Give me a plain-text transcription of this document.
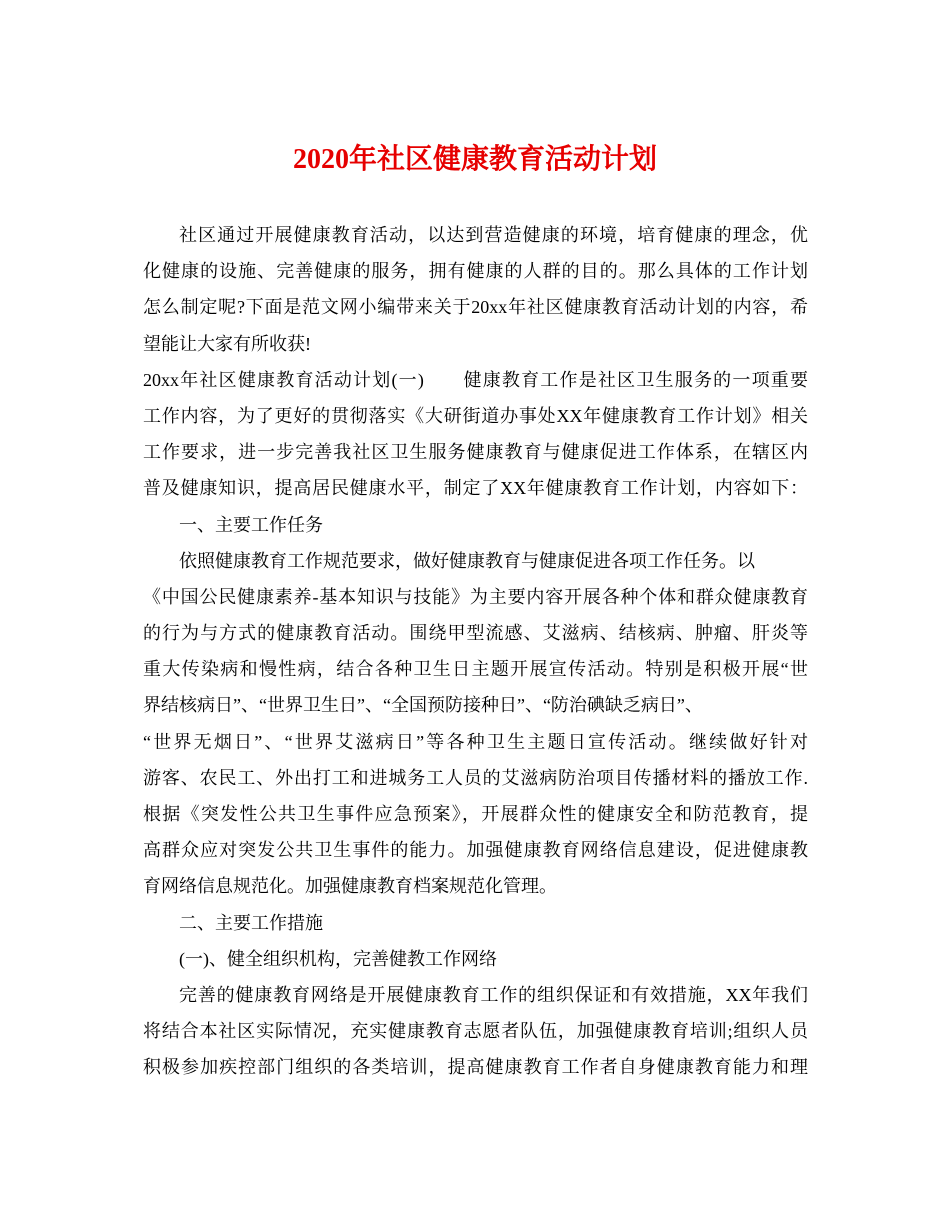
2020年社区健康教育活动计划
社区通过开展健康教育活动，以达到营造健康的环境，培育健康的理念，优
化健康的设施、完善健康的服务，拥有健康的人群的目的。那么具体的工作计划
怎么制定呢?下面是范文网小编带来关于20xx年社区健康教育活动计划的内容，希
望能让大家有所收获!
20xx年社区健康教育活动计划(一)　　健康教育工作是社区卫生服务的一项重要
工作内容，为了更好的贯彻落实《大研街道办事处XX年健康教育工作计划》相关
工作要求，进一步完善我社区卫生服务健康教育与健康促进工作体系，在辖区内
普及健康知识，提高居民健康水平，制定了XX年健康教育工作计划，内容如下：
一、主要工作任务
依照健康教育工作规范要求，做好健康教育与健康促进各项工作任务。以
《中国公民健康素养-基本知识与技能》为主要内容开展各种个体和群众健康教育
的行为与方式的健康教育活动。围绕甲型流感、艾滋病、结核病、肿瘤、肝炎等
重大传染病和慢性病，结合各种卫生日主题开展宣传活动。特别是积极开展“世
界结核病日”、“世界卫生日”、“全国预防接种日”、“防治碘缺乏病日”、
“世界无烟日”、“世界艾滋病日”等各种卫生主题日宣传活动。继续做好针对
游客、农民工、外出打工和进城务工人员的艾滋病防治项目传播材料的播放工作.
根据《突发性公共卫生事件应急预案》，开展群众性的健康安全和防范教育，提
高群众应对突发公共卫生事件的能力。加强健康教育网络信息建设，促进健康教
育网络信息规范化。加强健康教育档案规范化管理。
二、主要工作措施
(一)、健全组织机构，完善健教工作网络
完善的健康教育网络是开展健康教育工作的组织保证和有效措施，XX年我们
将结合本社区实际情况，充实健康教育志愿者队伍，加强健康教育培训;组织人员
积极参加疾控部门组织的各类培训，提高健康教育工作者自身健康教育能力和理
